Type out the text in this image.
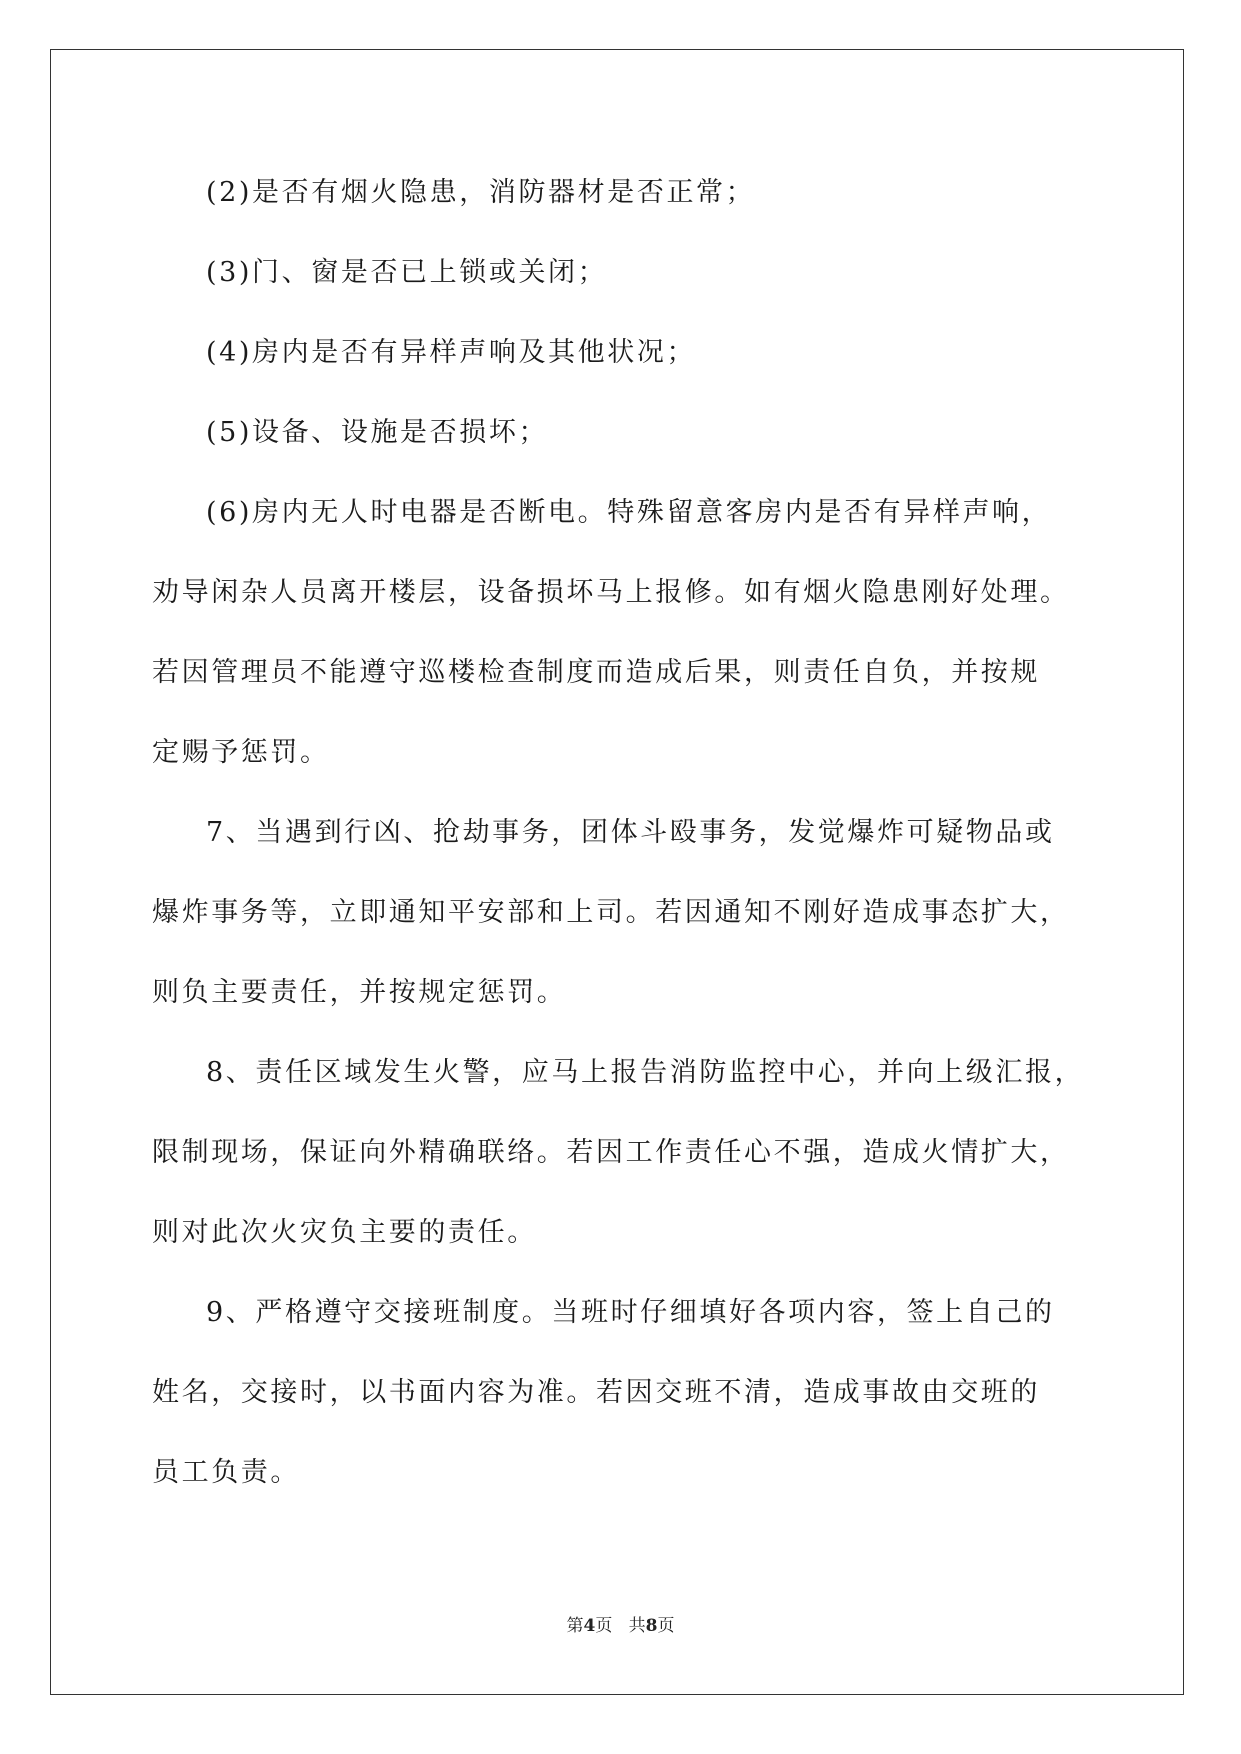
(2)是否有烟火隐患，消防器材是否正常；
(3)门、窗是否已上锁或关闭；
(4)房内是否有异样声响及其他状况；
(5)设备、设施是否损坏；
(6)房内无人时电器是否断电。特殊留意客房内是否有异样声响，
劝导闲杂人员离开楼层，设备损坏马上报修。如有烟火隐患刚好处理。
若因管理员不能遵守巡楼检查制度而造成后果，则责任自负，并按规
定赐予惩罚。
7、当遇到行凶、抢劫事务，团体斗殴事务，发觉爆炸可疑物品或
爆炸事务等，立即通知平安部和上司。若因通知不刚好造成事态扩大，
则负主要责任，并按规定惩罚。
8、责任区域发生火警，应马上报告消防监控中心，并向上级汇报，
限制现场，保证向外精确联络。若因工作责任心不强，造成火情扩大，
则对此次火灾负主要的责任。
9、严格遵守交接班制度。当班时仔细填好各项内容，签上自己的
姓名，交接时，以书面内容为准。若因交班不清，造成事故由交班的
员工负责。
第4页 共8页
